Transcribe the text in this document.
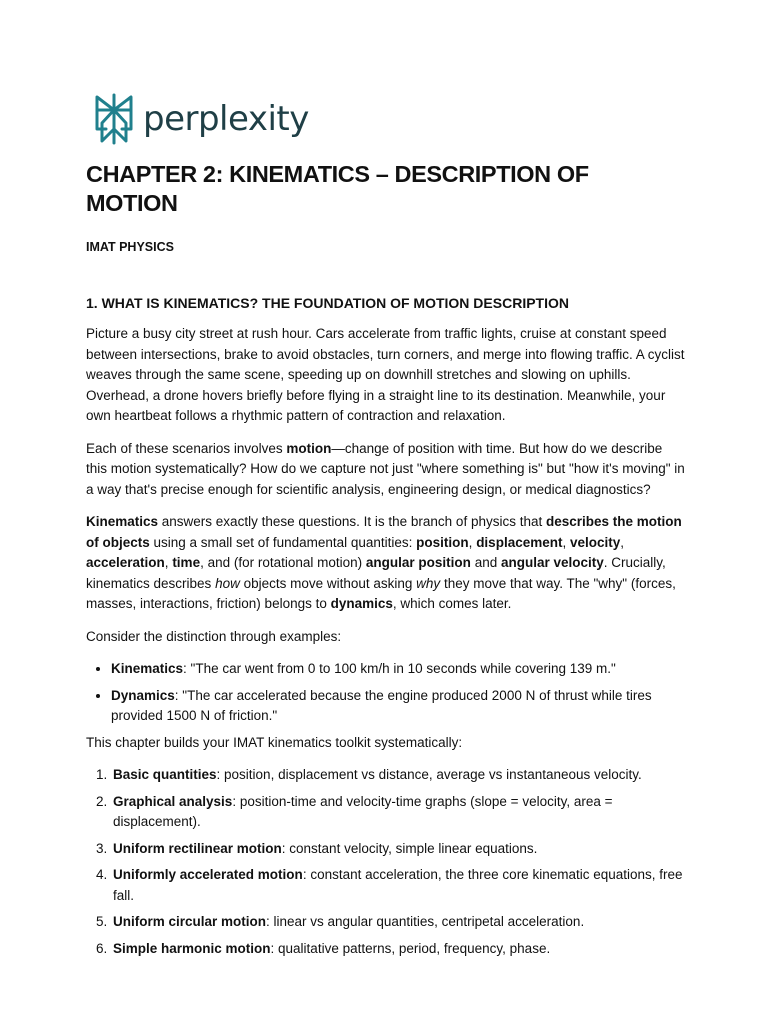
perplexity
CHAPTER 2: KINEMATICS – DESCRIPTION OF MOTION
IMAT PHYSICS
1. WHAT IS KINEMATICS? THE FOUNDATION OF MOTION DESCRIPTION

Picture a busy city street at rush hour. Cars accelerate from traffic lights, cruise at constant speed between intersections, brake to avoid obstacles, turn corners, and merge into flowing traffic. A cyclist weaves through the same scene, speeding up on downhill stretches and slowing on uphills. Overhead, a drone hovers briefly before flying in a straight line to its destination. Meanwhile, your own heartbeat follows a rhythmic pattern of contraction and relaxation.

Each of these scenarios involves motion—change of position with time. But how do we describe this motion systematically? How do we capture not just "where something is" but "how it's moving" in a way that's precise enough for scientific analysis, engineering design, or medical diagnostics?

Kinematics answers exactly these questions. It is the branch of physics that describes the motion of objects using a small set of fundamental quantities: position, displacement, velocity, acceleration, time, and (for rotational motion) angular position and angular velocity. Crucially, kinematics describes how objects move without asking why they move that way. The "why" (forces, masses, interactions, friction) belongs to dynamics, which comes later.

Consider the distinction through examples:

• Kinematics: "The car went from 0 to 100 km/h in 10 seconds while covering 139 m."
• Dynamics: "The car accelerated because the engine produced 2000 N of thrust while tires provided 1500 N of friction."

This chapter builds your IMAT kinematics toolkit systematically:

1. Basic quantities: position, displacement vs distance, average vs instantaneous velocity.
2. Graphical analysis: position-time and velocity-time graphs (slope = velocity, area = displacement).
3. Uniform rectilinear motion: constant velocity, simple linear equations.
4. Uniformly accelerated motion: constant acceleration, the three core kinematic equations, free fall.
5. Uniform circular motion: linear vs angular quantities, centripetal acceleration.
6. Simple harmonic motion: qualitative patterns, period, frequency, phase.
